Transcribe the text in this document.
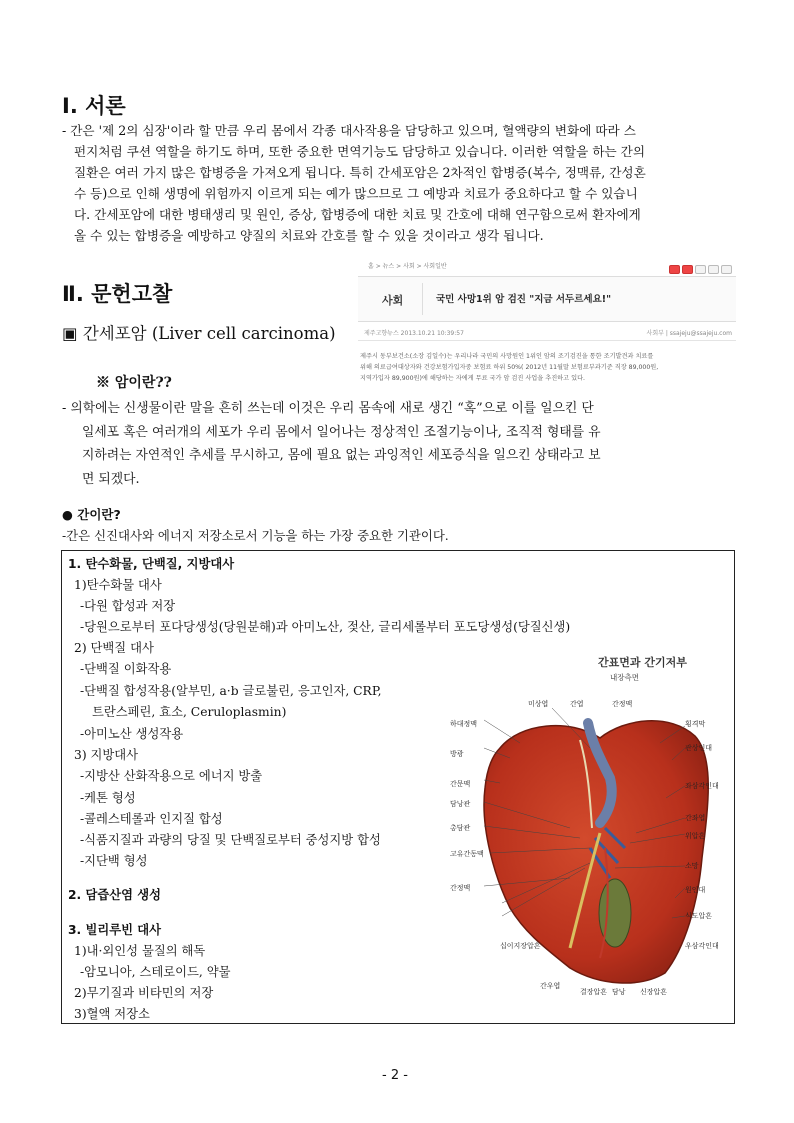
Ⅰ. 서론
- 간은 '제 2의 심장'이라 할 만큼 우리 몸에서 각종 대사작용을 담당하고 있으며, 혈액량의 변화에 따라 스
펀지처럼 쿠션 역할을 하기도 하며, 또한 중요한 면역기능도 담당하고 있습니다. 이러한 역할을 하는 간의
질환은 여러 가지 많은 합병증을 가져오게 됩니다. 특히 간세포암은 2차적인 합병증(복수, 정맥류, 간성혼
수 등)으로 인해 생명에 위험까지 이르게 되는 예가 많으므로 그 예방과 치료가 중요하다고 할 수 있습니
다. 간세포암에 대한 병태생리 및 원인, 증상, 합병증에 대한 치료 및 간호에 대해 연구함으로써 환자에게
올 수 있는 합병증을 예방하고 양질의 치료와 간호를 할 수 있을 것이라고 생각 됩니다.
Ⅱ. 문헌고찰
▣ 간세포암 (Liver cell carcinoma)
홈 > 뉴스 > 사회 > 사회일반
사회	국민 사망1위 암 검진 "지금 서두르세요!"
제주고향뉴스 2013.10.21 10:39:57	사회부 | ssajeju@ssajeju.com
제주시 동부보건소(소장 김일수)는 우리나라 국민의 사망원인 1위인 암의 조기검진을 통한 조기발견과 치료를
위해 의료급여대상자와 건강보험가입자중 보험료 하위 50%( 2012년 11월말 보험료부과기준 직장 89,000원,
지역가입자 89,900원)에 해당하는 자에게 무료 국가 암 검진 사업을 추진하고 있다.
※ 암이란??
- 의학에는 신생물이란 말을 흔히 쓰는데 이것은 우리 몸속에 새로 생긴 “혹”으로 이를 일으킨 단
일세포 혹은 여러개의 세포가 우리 몸에서 일어나는 정상적인 조절기능이나, 조직적 형태를 유
지하려는 자연적인 추세를 무시하고, 몸에 필요 없는 과잉적인 세포증식을 일으킨 상태라고 보
면 되겠다.
● 간이란?
-간은 신진대사와 에너지 저장소로서 기능을 하는 가장 중요한 기관이다.
1. 탄수화물, 단백질, 지방대사
1)탄수화물 대사
-다원 합성과 저장
-당원으로부터 포다당생성(당원분해)과 아미노산, 젖산, 글리세롤부터 포도당생성(당질신생)
2) 단백질 대사
-단백질 이화작용
-단백질 합성작용(알부민, a·b 글로불린, 응고인자, CRP,
트란스페린, 효소, Ceruloplasmin)
-아미노산 생성작용
3) 지방대사
-지방산 산화작용으로 에너지 방출
-케톤 형성
-콜레스테롤과 인지질 합성
-식품지질과 과량의 당질 및 단백질로부터 중성지방 합성
-지단백 형성
2. 담즙산염 생성
3. 빌리루빈 대사
1)내·외인성 물질의 해독
-암모니아, 스테로이드, 약물
2)무기질과 비타민의 저장
3)혈액 저장소
간표면과 간기저부
내장측면
미상엽	간엽	간정맥
하대정맥
방광
간문맥
담낭관
총담관
고유간동맥
간정맥
횡격막
관상인대
좌삼각인대
간좌엽
위압흔
소망
원인대
식도압흔
십이지장압흔	우삼각인대
간우엽
결장압흔 담낭 신장압흔
- 2 -
